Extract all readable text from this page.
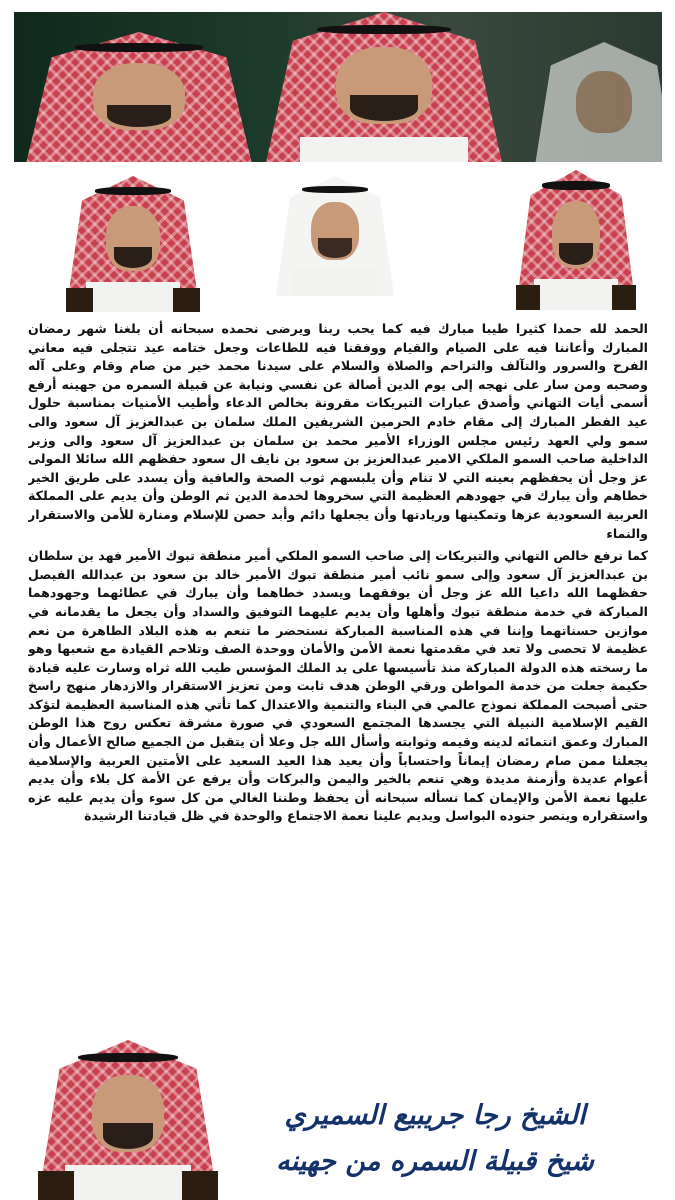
الحمد لله حمدا كثيرا طيبا مبارك فيه كما يحب ربنا ويرضى نحمده سبحانه أن بلغنا شهر رمضان المبارك وأعاننا فيه على الصيام والقيام ووفقنا فيه للطاعات وجعل ختامه عيد تتجلى فيه معاني الفرح والسرور والتآلف والتراحم والصلاة والسلام على سيدنا محمد خير من صام وقام وعلى آله وصحبه ومن سار على نهجه إلى يوم الدين أصالة عن نفسي ونيابة عن قبيلة السمره من جهينه أرفع أسمى أيات التهاني وأصدق عبارات التبريكات مقرونة بخالص الدعاء وأطيب الأمنيات بمناسبة حلول عيد الفطر المبارك إلى مقام خادم الحرمين الشريفين الملك سلمان بن عبدالعزيز آل سعود والى سمو ولي العهد رئيس مجلس الوزراء الأمير محمد بن سلمان بن عبدالعزيز آل سعود والى وزير الداخلية صاحب السمو الملكي الامير عبدالعزيز بن سعود بن نايف ال سعود حفظهم الله سائلا المولى عز وجل أن يحفظهم بعينه التي لا تنام وأن يلبسهم ثوب الصحة والعافية وأن يسدد على طريق الخير خطاهم وأن يبارك في جهودهم العظيمة التي سخروها لخدمة الدين ثم الوطن وأن يديم على المملكة العربية السعودية عزها وتمكينها وريادتها وأن يجعلها دائم وأبد حصن للإسلام ومنارة للأمن والاستقرار والنماء

كما نرفع خالص التهاني والتبريكات إلى صاحب السمو الملكي أمير منطقة تبوك الأمير فهد بن سلطان بن عبدالعزيز آل سعود وإلى سمو نائب أمير منطقة تبوك الأمير خالد بن سعود بن عبدالله الفيصل حفظهما الله داعيا الله عز وجل أن يوفقهما ويسدد خطاهما وأن يبارك في عطائهما وجهودهما المباركة في خدمة منطقة تبوك وأهلها وأن يديم عليهما التوفيق والسداد وأن يجعل ما يقدمانه في موازين حسناتهما وإننا في هذه المناسبة المباركة نستحضر ما تنعم به هذه البلاد الطاهرة من نعم عظيمة لا تحصى ولا تعد في مقدمتها نعمة الأمن والأمان ووحدة الصف وتلاحم القيادة مع شعبها وهو ما رسخته هذه الدولة المباركة منذ تأسيسها على يد الملك المؤسس طيب الله ثراه وسارت عليه قيادة حكيمة جعلت من خدمة المواطن ورقي الوطن هدف ثابت ومن تعزيز الاستقرار والازدهار منهج راسخ حتى أصبحت المملكة نموذج عالمي في البناء والتنمية والاعتدال كما تأتي هذه المناسبة العظيمة لتؤكد القيم الإسلامية النبيلة التي يجسدها المجتمع السعودي في صورة مشرقة تعكس روح هذا الوطن المبارك وعمق انتمائه لدينه وقيمه وثوابته وأسأل الله جل وعلا أن يتقبل من الجميع صالح الأعمال وأن يجعلنا ممن صام رمضان إيماناً واحتساباً وأن يعيد هذا العيد السعيد على الأمتين العربية والإسلامية أعوام عديدة وأزمنة مديدة وهي تنعم بالخير واليمن والبركات وأن يرفع عن الأمة كل بلاء وأن يديم عليها نعمة الأمن والإيمان كما نسأله سبحانه أن يحفظ وطننا الغالي من كل سوء وأن يديم عليه عزه واستقراره وينصر جنوده البواسل ويديم علينا نعمة الاجتماع والوحدة في ظل قيادتنا الرشيدة

الشيخ رجا جريبيع السميري
شيخ قبيلة السمره من جهينه
